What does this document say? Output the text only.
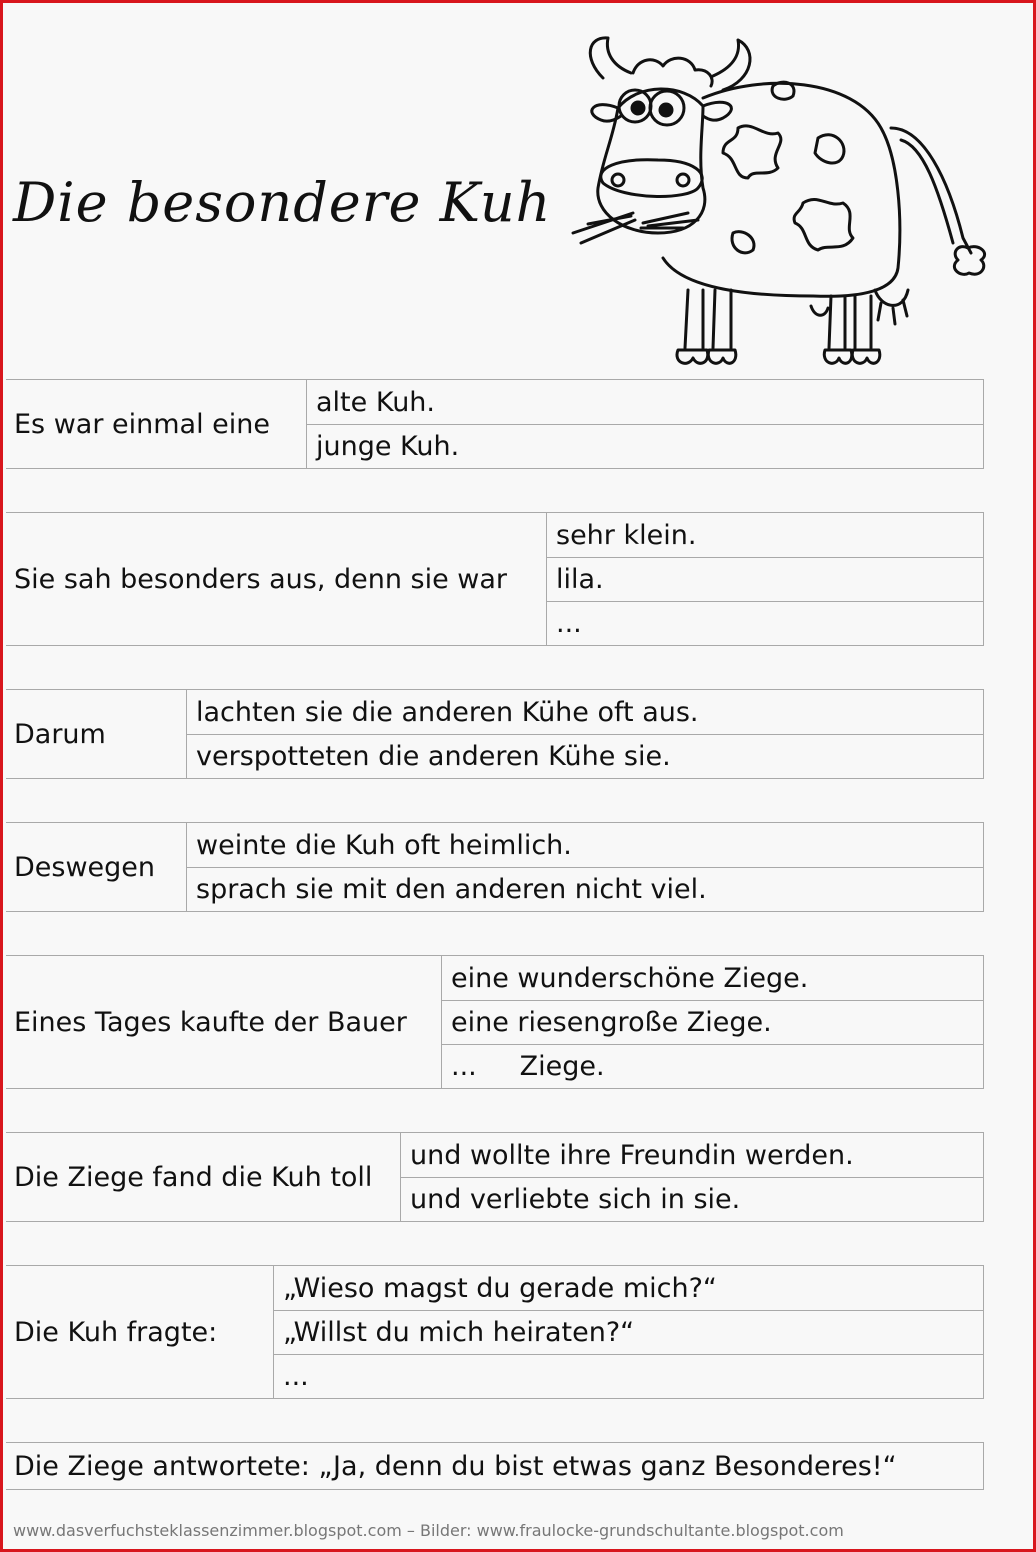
Die besondere Kuh
Es war einmal eine
alte Kuh.
junge Kuh.
Sie sah besonders aus, denn sie war
sehr klein.
lila.
...
Darum
lachten sie die anderen Kühe oft aus.
verspotteten die anderen Kühe sie.
Deswegen
weinte die Kuh oft heimlich.
sprach sie mit den anderen nicht viel.
Eines Tages kaufte der Bauer
eine wunderschöne Ziege.
eine riesengroße Ziege.
...     Ziege.
Die Ziege fand die Kuh toll
und wollte ihre Freundin werden.
und verliebte sich in sie.
Die Kuh fragte:
„Wieso magst du gerade mich?“
„Willst du mich heiraten?“
...
Die Ziege antwortete: „Ja, denn du bist etwas ganz Besonderes!“
www.dasverfuchsteklassenzimmer.blogspot.com – Bilder: www.fraulocke-grundschultante.blogspot.com
